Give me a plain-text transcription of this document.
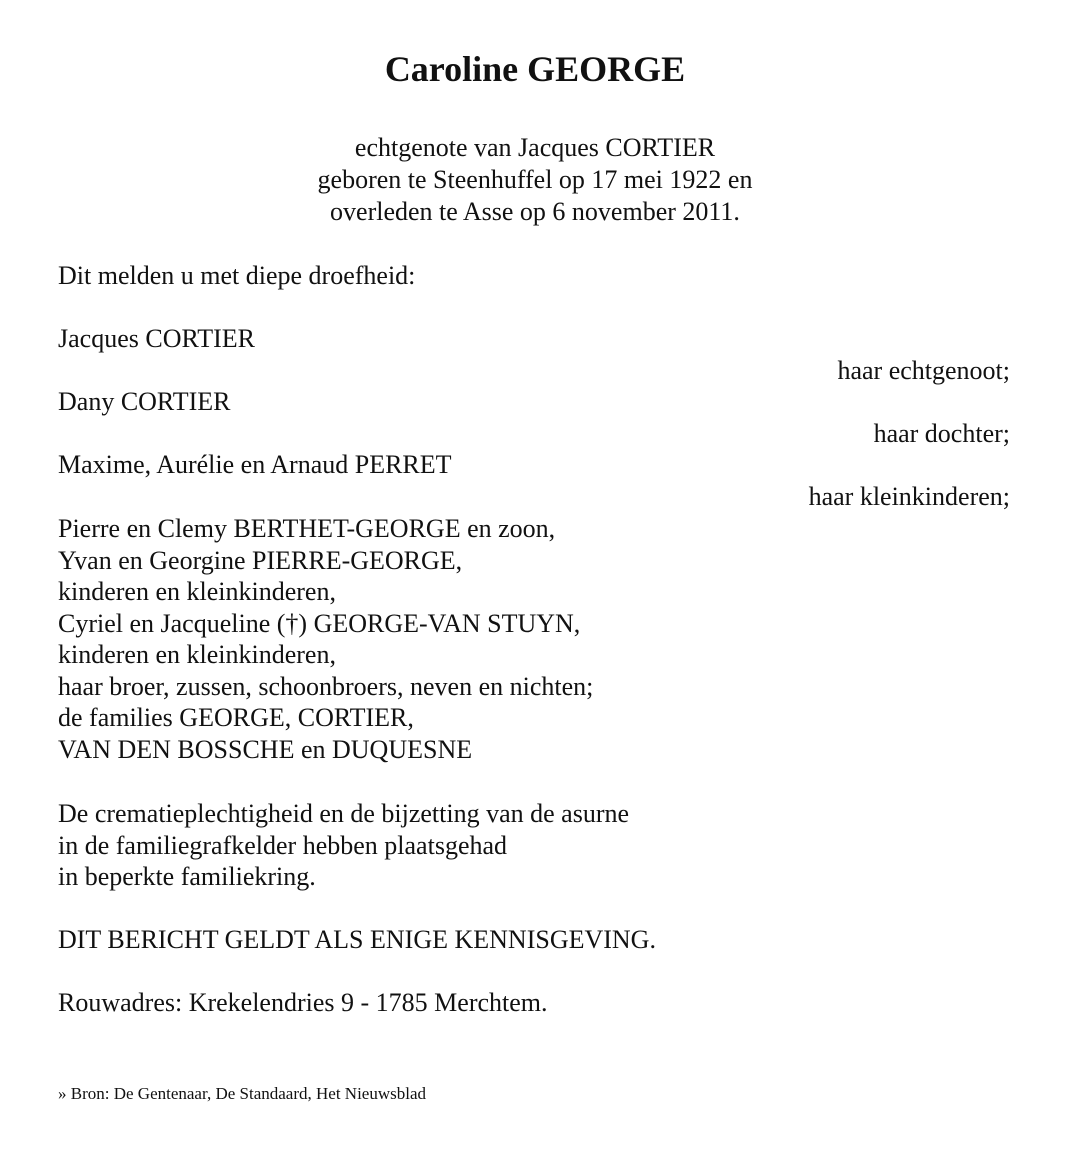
Caroline GEORGE
echtgenote van Jacques CORTIER
geboren te Steenhuffel op 17 mei 1922 en
overleden te Asse op 6 november 2011.
Dit melden u met diepe droefheid:
Jacques CORTIER
haar echtgenoot;
Dany CORTIER
haar dochter;
Maxime, Aurélie en Arnaud PERRET
haar kleinkinderen;
Pierre en Clemy BERTHET-GEORGE en zoon,
Yvan en Georgine PIERRE-GEORGE,
kinderen en kleinkinderen,
Cyriel en Jacqueline (†) GEORGE-VAN STUYN,
kinderen en kleinkinderen,
haar broer, zussen, schoonbroers, neven en nichten;
de families GEORGE, CORTIER,
VAN DEN BOSSCHE en DUQUESNE
De crematieplechtigheid en de bijzetting van de asurne
in de familiegrafkelder hebben plaatsgehad
in beperkte familiekring.
DIT BERICHT GELDT ALS ENIGE KENNISGEVING.
Rouwadres: Krekelendries 9 - 1785 Merchtem.
» Bron: De Gentenaar, De Standaard, Het Nieuwsblad
